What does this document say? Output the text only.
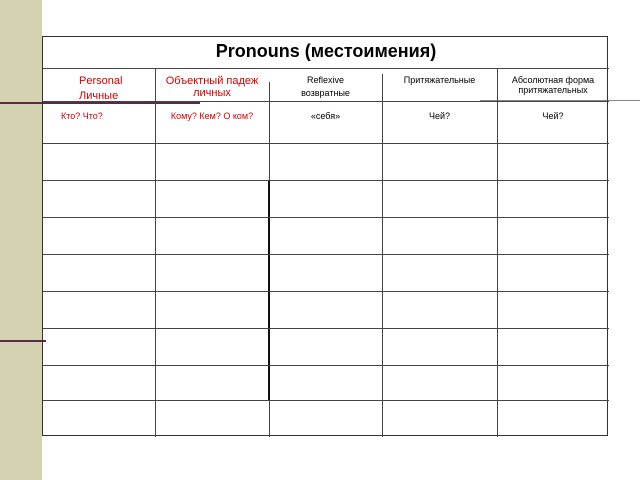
Pronouns (местоимения)
Personal
Личные
Кто? Что?
Объектный падеж
личных
Кому? Кем? О ком?
Reflexive
возвратные
«себя»
Притяжательные
Чей?
Абсолютная форма
притяжательных
Чей?
